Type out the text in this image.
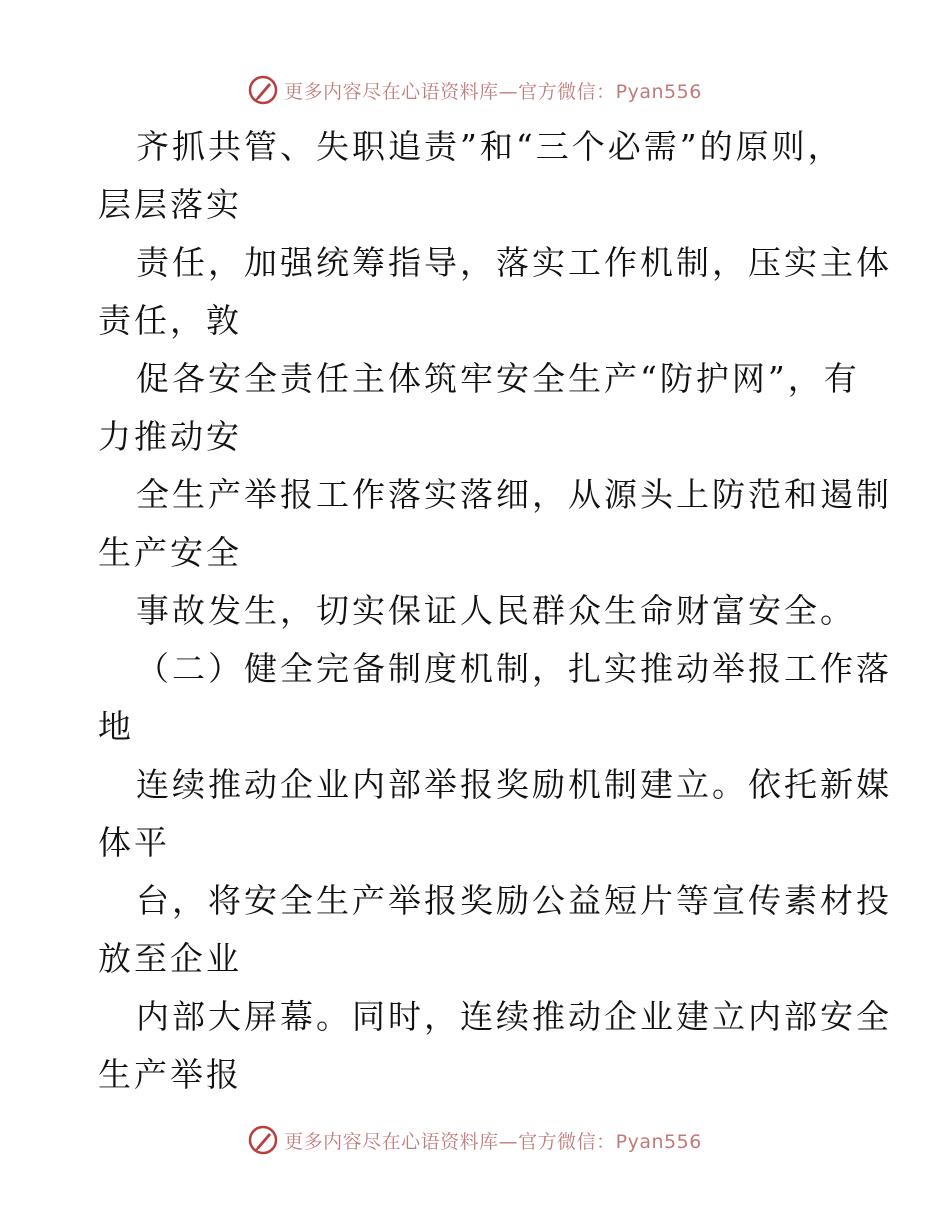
更多内容尽在心语资料库—官方微信：Pyan556
齐抓共管、失职追责”和“三个必需”的原则，
层层落实
责任，加强统筹指导，落实工作机制，压实主体
责任，敦
促各安全责任主体筑牢安全生产“防护网”，有
力推动安
全生产举报工作落实落细，从源头上防范和遏制
生产安全
事故发生，切实保证人民群众生命财富安全。
（二）健全完备制度机制，扎实推动举报工作落
地
连续推动企业内部举报奖励机制建立。依托新媒
体平
台，将安全生产举报奖励公益短片等宣传素材投
放至企业
内部大屏幕。同时，连续推动企业建立内部安全
生产举报
更多内容尽在心语资料库—官方微信：Pyan556
